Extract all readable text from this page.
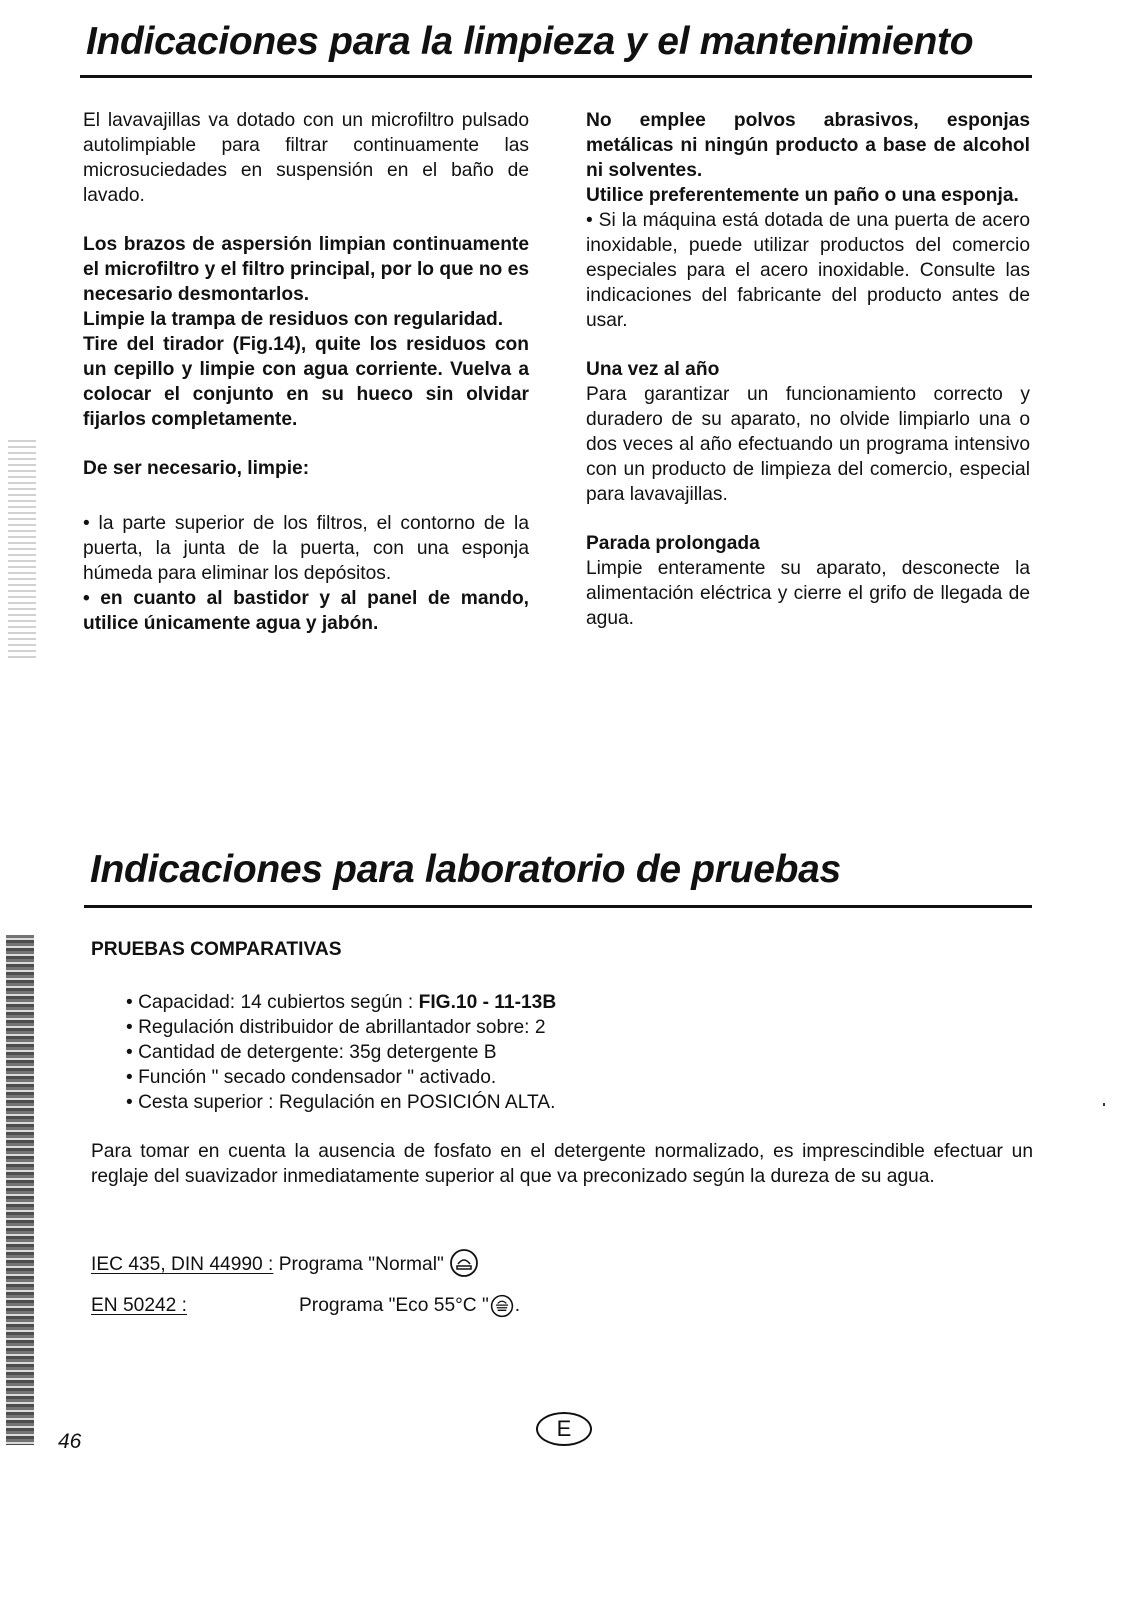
Indicaciones para la limpieza y el mantenimiento

El lavavajillas va dotado con un microfiltro pulsado autolimpiable para filtrar continuamente las microsuciedades en suspensión en el baño de lavado.

Los brazos de aspersión limpian continuamente el microfiltro y el filtro principal, por lo que no es necesario desmontarlos.

Limpie la trampa de residuos con regularidad.

Tire del tirador (Fig.14), quite los residuos con un cepillo y limpie con agua corriente. Vuelva a colocar el conjunto en su hueco sin olvidar fijarlos completamente.

De ser necesario, limpie:

• la parte superior de los filtros, el contorno de la puerta, la junta de la puerta, con una esponja húmeda para eliminar los depósitos.

• en cuanto al bastidor y al panel de mando, utilice únicamente agua y jabón.

No emplee polvos abrasivos, esponjas metálicas ni ningún producto a base de alcohol ni solventes.

Utilice preferentemente un paño o una esponja.

• Si la máquina está dotada de una puerta de acero inoxidable, puede utilizar productos del comercio especiales para el acero inoxidable. Consulte las indicaciones del fabricante del producto antes de usar.

Una vez al año

Para garantizar un funcionamiento correcto y duradero de su aparato, no olvide limpiarlo una o dos veces al año efectuando un programa intensivo con un producto de limpieza del comercio, especial para lavavajillas.

Parada prolongada

Limpie enteramente su aparato, desconecte la alimentación eléctrica y cierre el grifo de llegada de agua.

Indicaciones para laboratorio de pruebas
PRUEBAS COMPARATIVAS
• Capacidad: 14 cubiertos según : FIG.10 - 11-13B
• Regulación distribuidor de abrillantador sobre: 2
• Cantidad de detergente: 35g detergente B
• Función " secado condensador " activado.
• Cesta superior : Regulación en POSICIÓN ALTA.

Para tomar en cuenta la ausencia de fosfato en el detergente normalizado, es imprescindible efectuar un reglaje del suavizador inmediatamente superior al que va preconizado según la dureza de su agua.

IEC 435, DIN 44990 : Programa "Normal"
EN 50242 :	Programa "Eco 55°C " .
46
E
